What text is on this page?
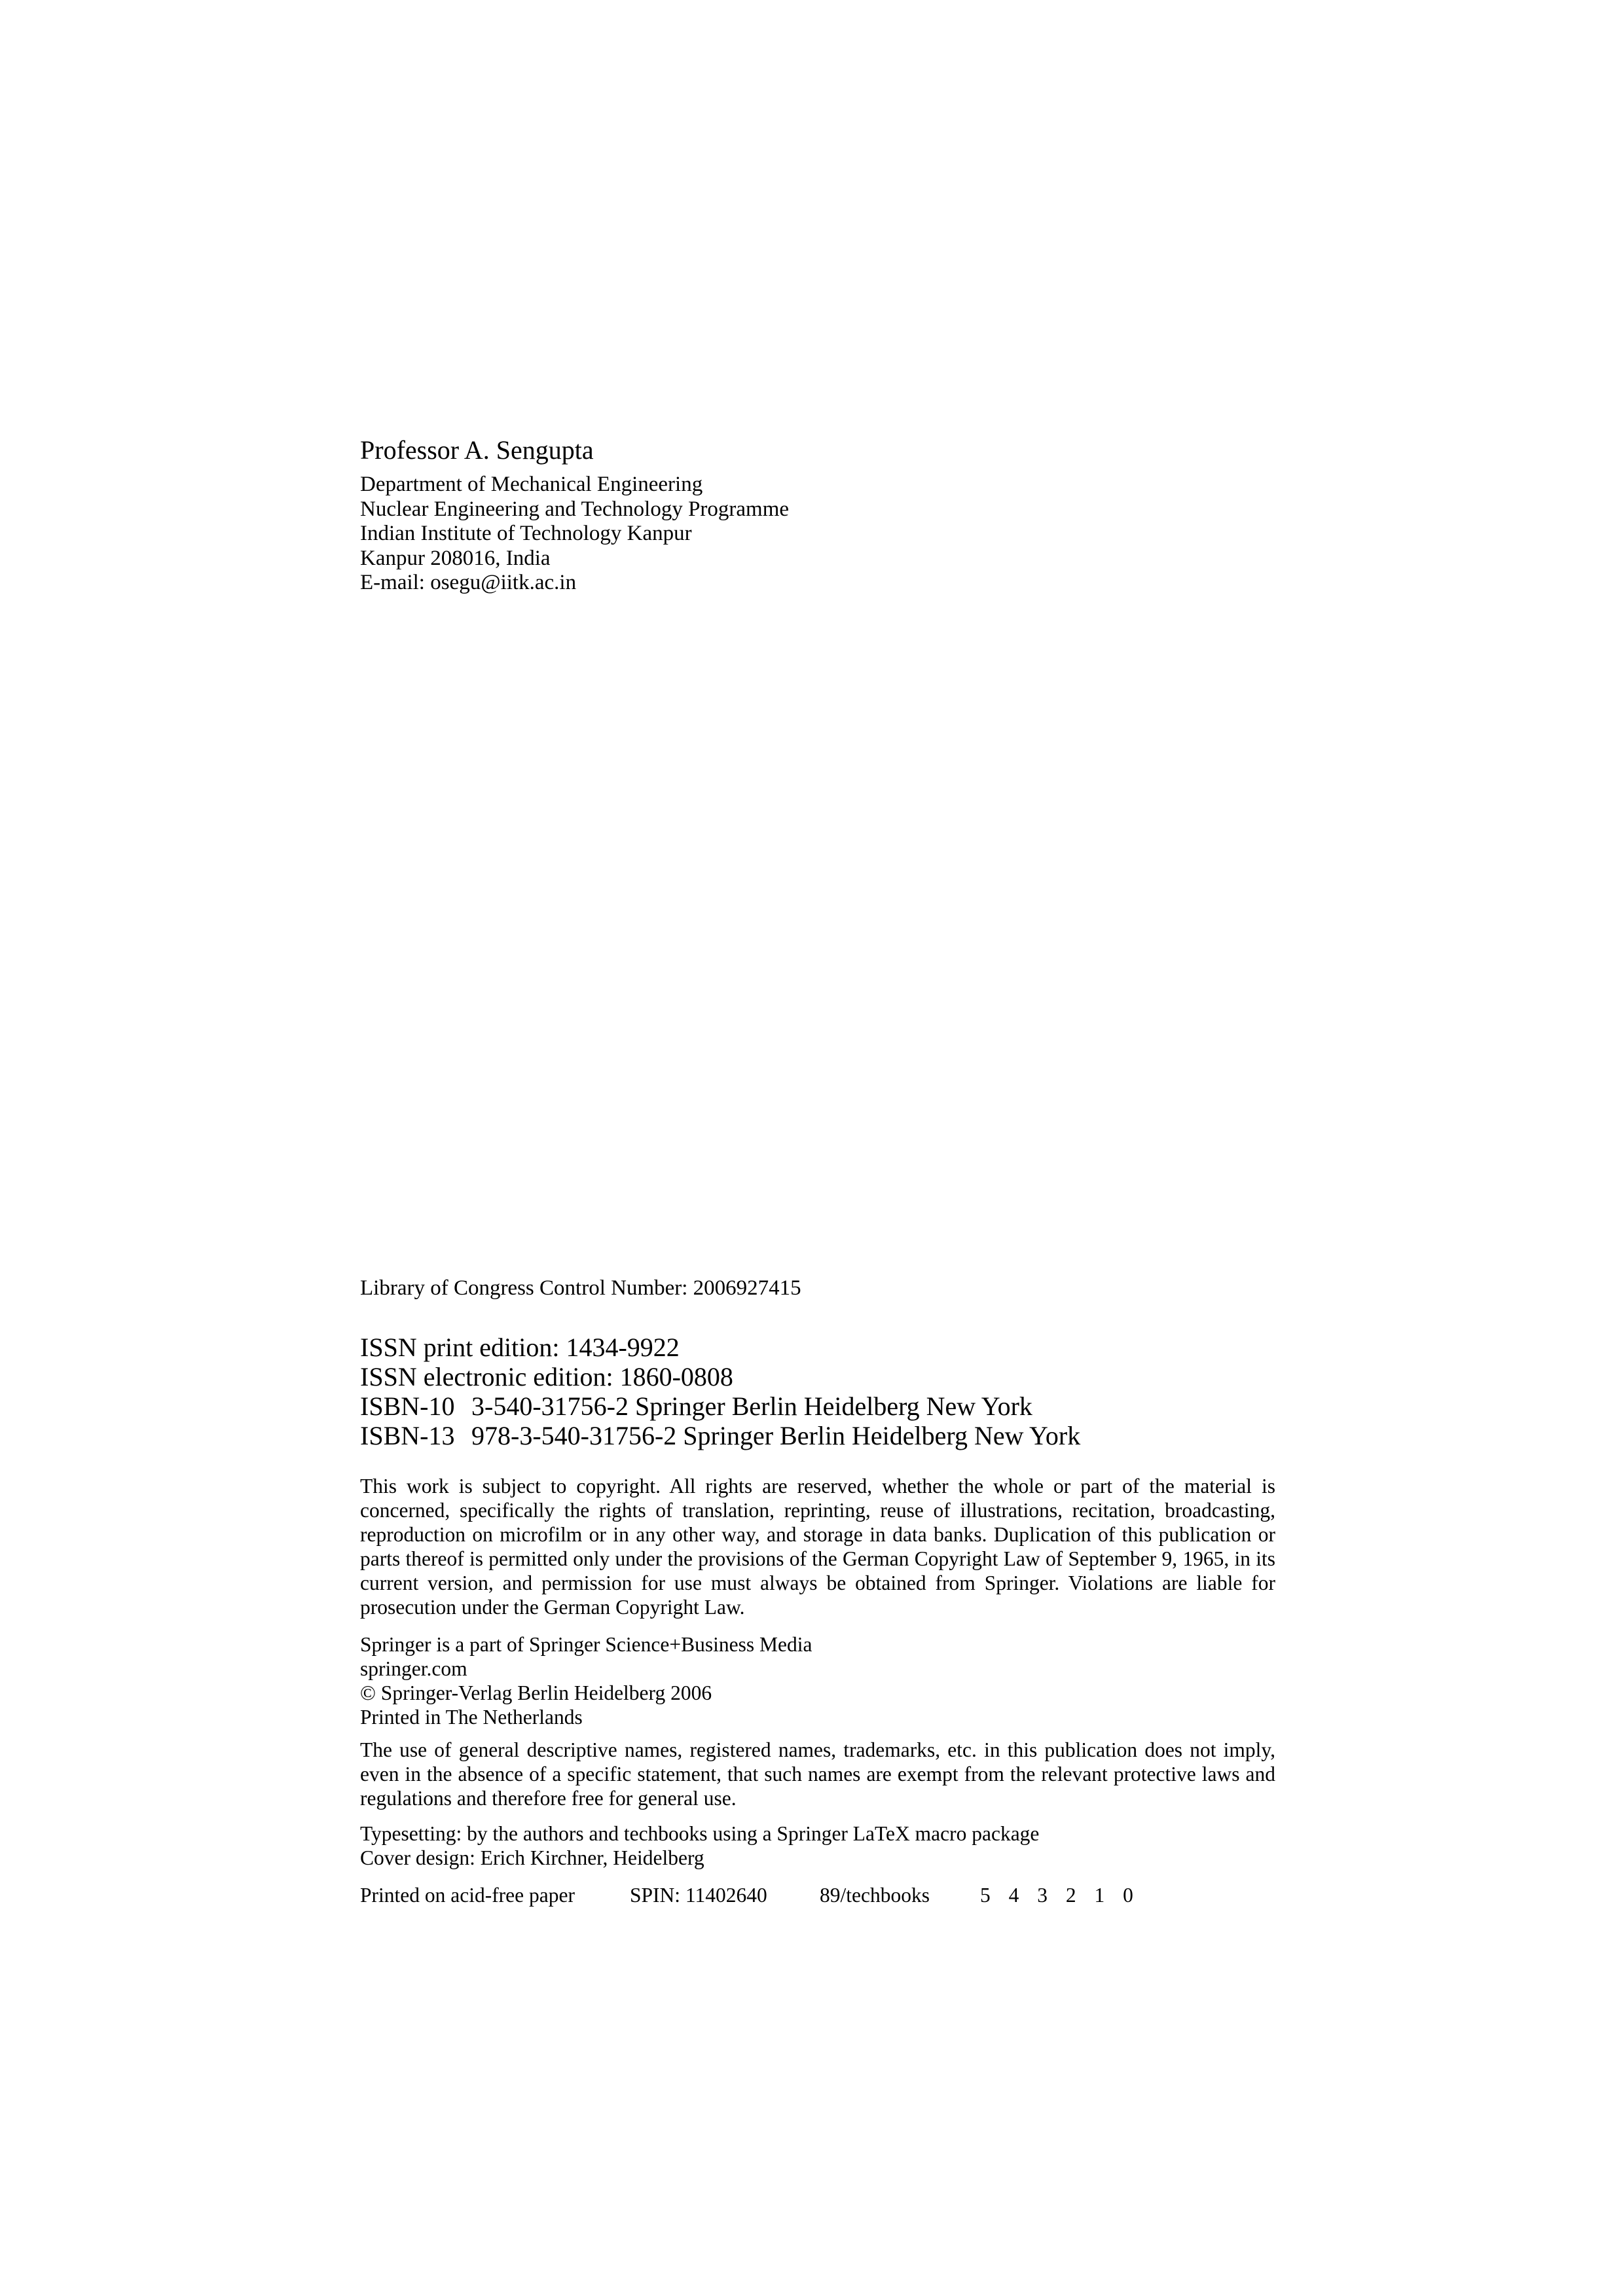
Professor A. Sengupta
Department of Mechanical Engineering
Nuclear Engineering and Technology Programme
Indian Institute of Technology Kanpur
Kanpur 208016, India
E-mail: osegu@iitk.ac.in
Library of Congress Control Number: 2006927415
ISSN print edition: 1434-9922
ISSN electronic edition: 1860-0808
ISBN-10 3-540-31756-2 Springer Berlin Heidelberg New York
ISBN-13 978-3-540-31756-2 Springer Berlin Heidelberg New York
This work is subject to copyright. All rights are reserved, whether the whole or part of the material is concerned, specifically the rights of translation, reprinting, reuse of illustrations, recitation, broadcasting, reproduction on microfilm or in any other way, and storage in data banks. Duplication of this publication or parts thereof is permitted only under the provisions of the German Copyright Law of September 9, 1965, in its current version, and permission for use must always be obtained from Springer. Violations are liable for prosecution under the German Copyright Law.
Springer is a part of Springer Science+Business Media
springer.com
© Springer-Verlag Berlin Heidelberg 2006
Printed in The Netherlands
The use of general descriptive names, registered names, trademarks, etc. in this publication does not imply, even in the absence of a specific statement, that such names are exempt from the relevant protective laws and regulations and therefore free for general use.
Typesetting: by the authors and techbooks using a Springer LaTeX macro package
Cover design: Erich Kirchner, Heidelberg
Printed on acid-free paper	SPIN: 11402640	89/techbooks 5 4 3 2 1 0
